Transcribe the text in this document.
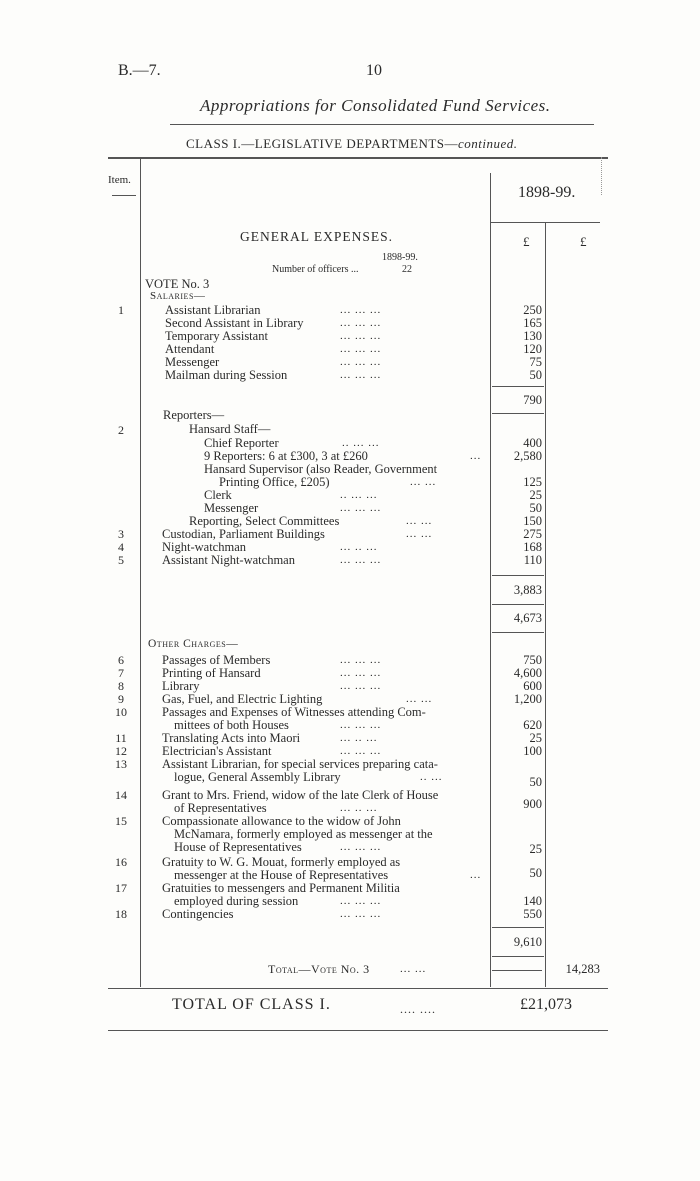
B.—7.	10
Appropriations for Consolidated Fund Services.
CLASS I.—LEGISLATIVE DEPARTMENTS—continued.
Item.
1898-99.
£	£
GENERAL EXPENSES.
1898-99.
Number of officers ...	22
VOTE No. 3
Salaries—
1	Assistant Librarian	... ... ...	250
Second Assistant in Library	... ... ...	165
Temporary Assistant	... ... ...	130
Attendant	... ... ...	120
Messenger	... ... ...	75
Mailman during Session	... ... ...	50
790
Reporters—
2	Hansard Staff—
Chief Reporter	.. ... ...	400
9 Reporters: 6 at £300, 3 at £260	...	2,580
Hansard Supervisor (also Reader, Government
Printing Office, £205)	... ...	125
Clerk	.. ... ...	25
Messenger	... ... ...	50
Reporting, Select Committees	... ...	150
3	Custodian, Parliament Buildings	... ...	275
4	Night-watchman	... .. ...	168
5	Assistant Night-watchman	... ... ...	110
3,883
4,673
Other Charges—
6	Passages of Members	... ... ...	750
7	Printing of Hansard	... ... ...	4,600
8	Library	... ... ...	600
9	Gas, Fuel, and Electric Lighting	... ...	1,200
10	Passages and Expenses of Witnesses attending Com-
mittees of both Houses	... ... ...	620
11	Translating Acts into Maori	... .. ...	25
12	Electrician's Assistant	... ... ...	100
13	Assistant Librarian, for special services preparing cata-
logue, General Assembly Library	.. ...	50
14	Grant to Mrs. Friend, widow of the late Clerk of House
of Representatives	... .. ...	900
15	Compassionate allowance to the widow of John
McNamara, formerly employed as messenger at the
House of Representatives	... ... ...	25
16	Gratuity to W. G. Mouat, formerly employed as
messenger at the House of Representatives	...	50
17	Gratuities to messengers and Permanent Militia
employed during session	... ... ...	140
18	Contingencies	... ... ...	550
9,610
Total—Vote No. 3	... ...	14,283
TOTAL OF CLASS I.	.... ....	£21,073
